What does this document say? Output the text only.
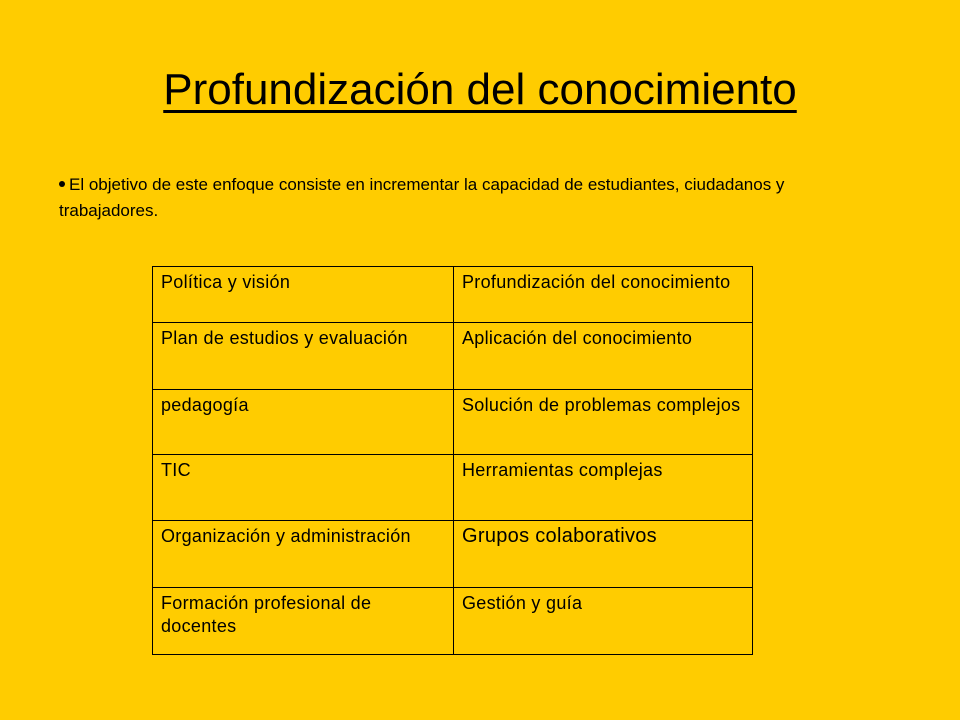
Profundización del conocimiento
El objetivo de este enfoque consiste en incrementar la capacidad de estudiantes, ciudadanos y trabajadores.
Política y visión	Profundización del conocimiento
Plan de estudios y evaluación	Aplicación del conocimiento
pedagogía	Solución de problemas complejos
TIC	Herramientas complejas
Organización y administración	Grupos colaborativos
Formación profesional de docentes	Gestión y guía
